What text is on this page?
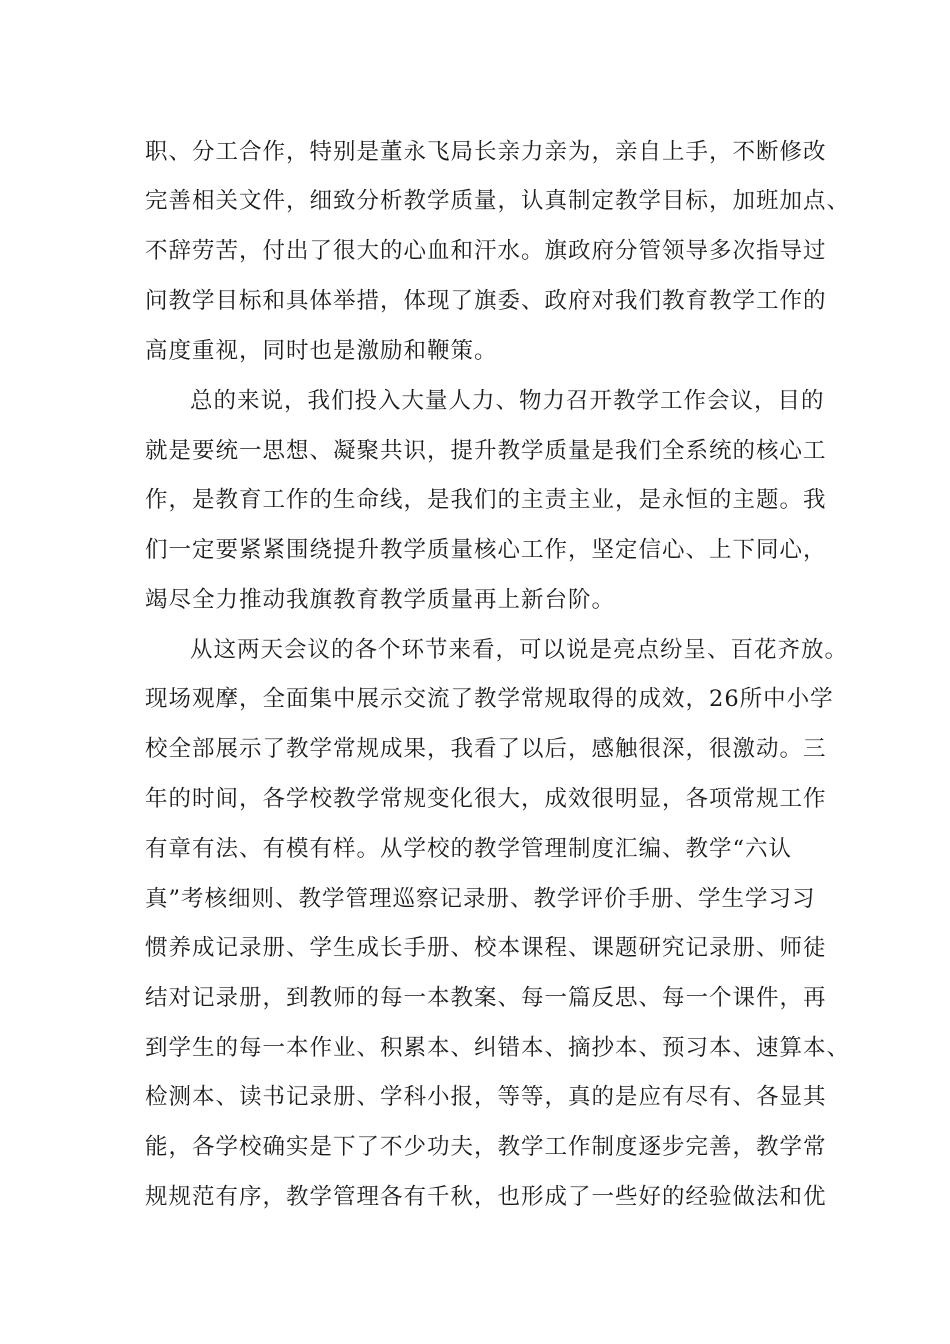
职、分工合作，特别是董永飞局长亲力亲为，亲自上手，不断修改
完善相关文件，细致分析教学质量，认真制定教学目标，加班加点、
不辞劳苦，付出了很大的心血和汗水。旗政府分管领导多次指导过
问教学目标和具体举措，体现了旗委、政府对我们教育教学工作的
高度重视，同时也是激励和鞭策。
总的来说，我们投入大量人力、物力召开教学工作会议，目的
就是要统一思想、凝聚共识，提升教学质量是我们全系统的核心工
作，是教育工作的生命线，是我们的主责主业，是永恒的主题。我
们一定要紧紧围绕提升教学质量核心工作，坚定信心、上下同心，
竭尽全力推动我旗教育教学质量再上新台阶。
从这两天会议的各个环节来看，可以说是亮点纷呈、百花齐放。
现场观摩，全面集中展示交流了教学常规取得的成效，26所中小学
校全部展示了教学常规成果，我看了以后，感触很深，很激动。三
年的时间，各学校教学常规变化很大，成效很明显，各项常规工作
有章有法、有模有样。从学校的教学管理制度汇编、教学“六认
真”考核细则、教学管理巡察记录册、教学评价手册、学生学习习
惯养成记录册、学生成长手册、校本课程、课题研究记录册、师徒
结对记录册，到教师的每一本教案、每一篇反思、每一个课件，再
到学生的每一本作业、积累本、纠错本、摘抄本、预习本、速算本、
检测本、读书记录册、学科小报，等等，真的是应有尽有、各显其
能，各学校确实是下了不少功夫，教学工作制度逐步完善，教学常
规规范有序，教学管理各有千秋，也形成了一些好的经验做法和优
